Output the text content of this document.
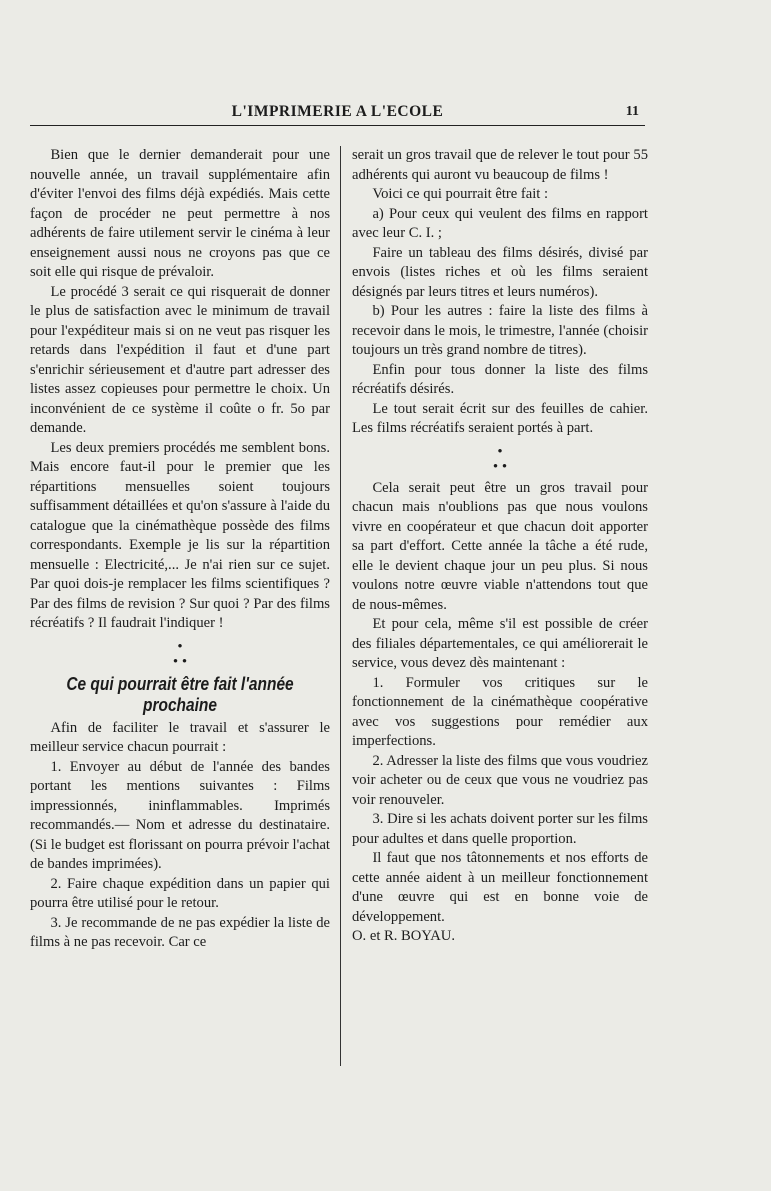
L'IMPRIMERIE A L'ECOLE	11

Bien que le dernier demanderait pour une nouvelle année, un travail supplémentaire afin d'éviter l'envoi des films déjà expédiés. Mais cette façon de procéder ne peut permettre à nos adhérents de faire utilement servir le cinéma à leur enseignement aussi nous ne croyons pas que ce soit elle qui risque de prévaloir.

Le procédé 3 serait ce qui risquerait de donner le plus de satisfaction avec le minimum de travail pour l'expéditeur mais si on ne veut pas risquer les retards dans l'expédition il faut et d'une part s'enrichir sérieusement et d'autre part adresser des listes assez copieuses pour permettre le choix. Un inconvénient de ce système il coûte o fr. 5o par demande.

Les deux premiers procédés me semblent bons. Mais encore faut-il pour le premier que les répartitions mensuelles soient toujours suffisamment détaillées et qu'on s'assure à l'aide du catalogue que la cinémathèque possède des films correspondants. Exemple je lis sur la répartition mensuelle : Electricité,... Je n'ai rien sur ce sujet. Par quoi dois-je remplacer les films scientifiques ? Par des films de revision ? Sur quoi ? Par des films récréatifs ? Il faudrait l'indiquer !

•
• •
Ce qui pourrait être fait l'année prochaine

Afin de faciliter le travail et s'assurer le meilleur service chacun pourrait :

1. Envoyer au début de l'année des bandes portant les mentions suivantes : Films impressionnés, ininflammables. Imprimés recommandés.— Nom et adresse du destinataire. (Si le budget est florissant on pourra prévoir l'achat de bandes imprimées).

2. Faire chaque expédition dans un papier qui pourra être utilisé pour le retour.

3. Je recommande de ne pas expédier la liste de films à ne pas recevoir. Car ce

serait un gros travail que de relever le tout pour 55 adhérents qui auront vu beaucoup de films !

Voici ce qui pourrait être fait :

a) Pour ceux qui veulent des films en rapport avec leur C. I. ;

Faire un tableau des films désirés, divisé par envois (listes riches et où les films seraient désignés par leurs titres et leurs numéros).

b) Pour les autres : faire la liste des films à recevoir dans le mois, le trimestre, l'année (choisir toujours un très grand nombre de titres).

Enfin pour tous donner la liste des films récréatifs désirés.

Le tout serait écrit sur des feuilles de cahier. Les films récréatifs seraient portés à part.

•
• •

Cela serait peut être un gros travail pour chacun mais n'oublions pas que nous voulons vivre en coopérateur et que chacun doit apporter sa part d'effort. Cette année la tâche a été rude, elle le devient chaque jour un peu plus. Si nous voulons notre œuvre viable n'attendons tout que de nous-mêmes.

Et pour cela, même s'il est possible de créer des filiales départementales, ce qui améliorerait le service, vous devez dès maintenant :

1. Formuler vos critiques sur le fonctionnement de la cinémathèque coopérative avec vos suggestions pour remédier aux imperfections.

2. Adresser la liste des films que vous voudriez voir acheter ou de ceux que vous ne voudriez pas voir renouveler.

3. Dire si les achats doivent porter sur les films pour adultes et dans quelle proportion.

Il faut que nos tâtonnements et nos efforts de cette année aident à un meilleur fonctionnement d'une œuvre qui est en bonne voie de développement.

O. et R. BOYAU.
